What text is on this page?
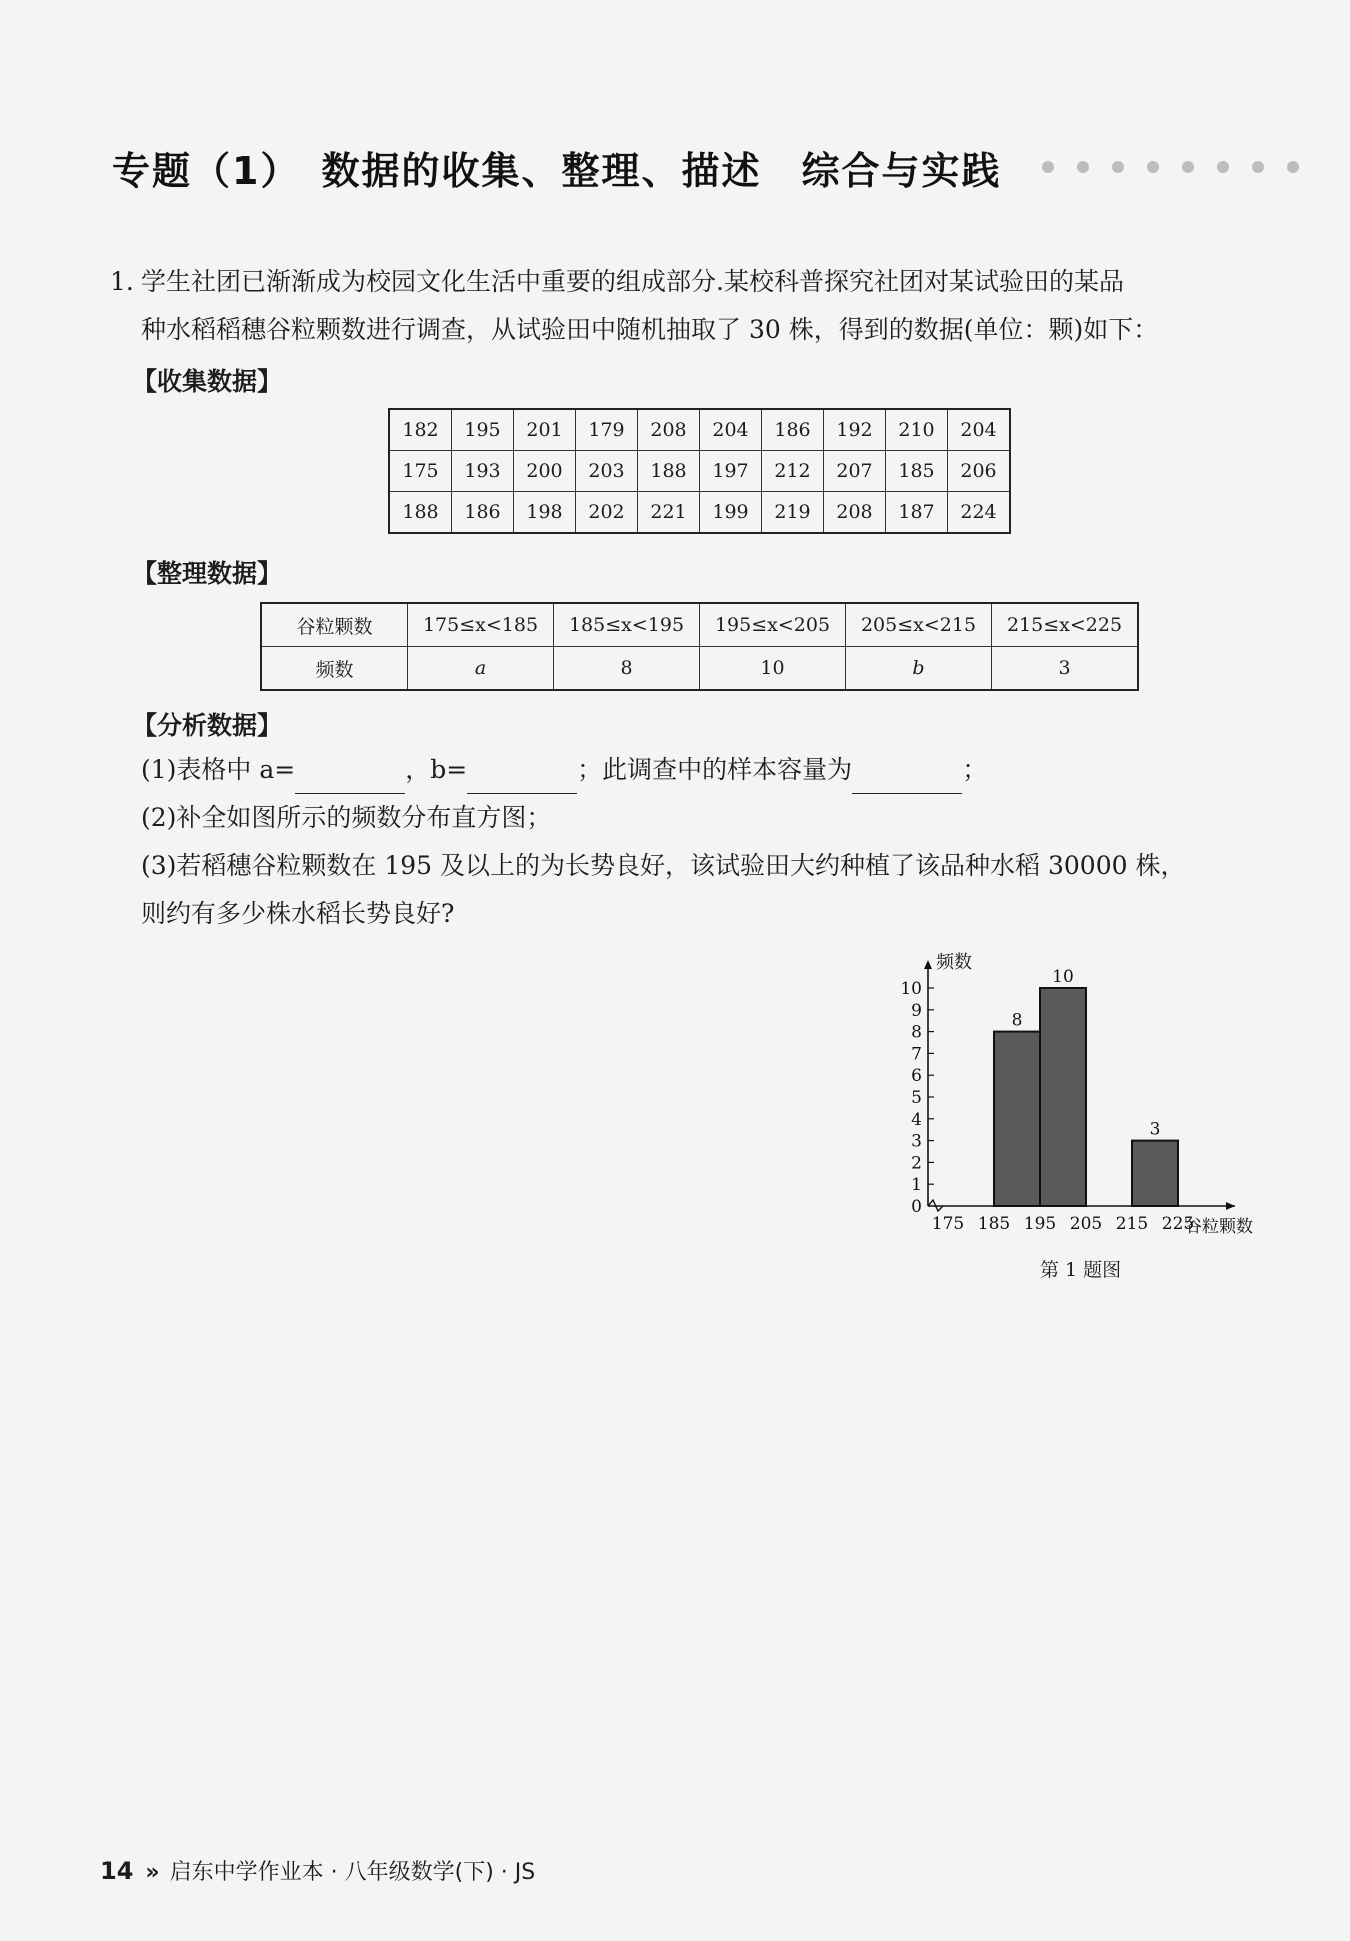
专题（1）　数据的收集、整理、描述　综合与实践
1. 学生社团已渐渐成为校园文化生活中重要的组成部分.某校科普探究社团对某试验田的某品
种水稻稻穗谷粒颗数进行调查，从试验田中随机抽取了 30 株，得到的数据(单位：颗)如下：
【收集数据】
182	195	201	179	208	204	186	192	210	204
175	193	200	203	188	197	212	207	185	206
188	186	198	202	221	199	219	208	187	224
【整理数据】
谷粒颗数	175≤x<185	185≤x<195	195≤x<205	205≤x<215	215≤x<225
频数	a	8	10	b	3
【分析数据】
(1)表格中 a=	，b=	；此调查中的样本容量为	；
(2)补全如图所示的频数分布直方图；
(3)若稻穗谷粒颗数在 195 及以上的为长势良好，该试验田大约种植了该品种水稻 30000 株，
则约有多少株水稻长势良好?
8
10
3
0
1
2
3
4
5
6
7
8
9
10
175 185 195 205 215 225
频数
谷粒颗数
第 1 题图
14 » 启东中学作业本 · 八年级数学(下) · JS
